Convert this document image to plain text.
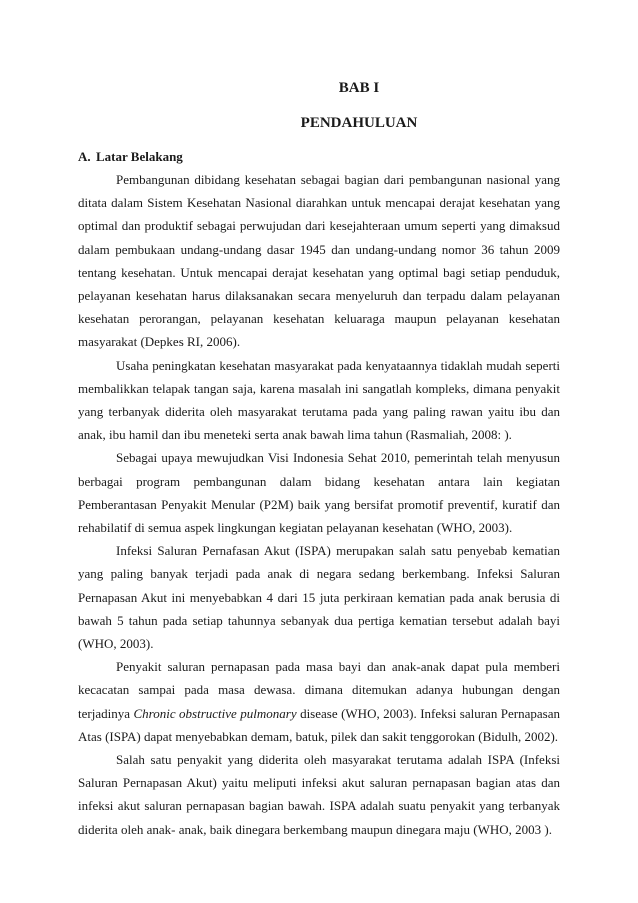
BAB I
PENDAHULUAN
A. Latar Belakang

Pembangunan dibidang kesehatan sebagai bagian dari pembangunan nasional yang ditata dalam Sistem Kesehatan Nasional diarahkan untuk mencapai derajat kesehatan yang optimal dan produktif sebagai perwujudan dari kesejahteraan umum seperti yang dimaksud dalam pembukaan undang-undang dasar 1945 dan undang-undang nomor 36 tahun 2009 tentang kesehatan. Untuk mencapai derajat kesehatan yang optimal bagi setiap penduduk, pelayanan kesehatan harus dilaksanakan secara menyeluruh dan terpadu dalam pelayanan kesehatan perorangan, pelayanan kesehatan keluaraga maupun pelayanan kesehatan masyarakat (Depkes RI, 2006).

Usaha peningkatan kesehatan masyarakat pada kenyataannya tidaklah mudah seperti membalikkan telapak tangan saja, karena masalah ini sangatlah kompleks, dimana penyakit yang terbanyak diderita oleh masyarakat terutama pada yang paling rawan yaitu ibu dan anak, ibu hamil dan ibu meneteki serta anak bawah lima tahun (Rasmaliah, 2008: ).

Sebagai upaya mewujudkan Visi Indonesia Sehat 2010, pemerintah telah menyusun berbagai program pembangunan dalam bidang kesehatan antara lain kegiatan Pemberantasan Penyakit Menular (P2M) baik yang bersifat promotif preventif, kuratif dan rehabilatif di semua aspek lingkungan kegiatan pelayanan kesehatan (WHO, 2003).

Infeksi Saluran Pernafasan Akut (ISPA) merupakan salah satu penyebab kematian yang paling banyak terjadi pada anak di negara sedang berkembang. Infeksi Saluran Pernapasan Akut ini menyebabkan 4 dari 15 juta perkiraan kematian pada anak berusia di bawah 5 tahun pada setiap tahunnya sebanyak dua pertiga kematian tersebut adalah bayi (WHO, 2003).

Penyakit saluran pernapasan pada masa bayi dan anak-anak dapat pula memberi kecacatan sampai pada masa dewasa. dimana ditemukan adanya hubungan dengan terjadinya Chronic obstructive pulmonary disease (WHO, 2003). Infeksi saluran Pernapasan Atas (ISPA) dapat menyebabkan demam, batuk, pilek dan sakit tenggorokan (Bidulh, 2002).

Salah satu penyakit yang diderita oleh masyarakat terutama adalah ISPA (Infeksi Saluran Pernapasan Akut) yaitu meliputi infeksi akut saluran pernapasan bagian atas dan infeksi akut saluran pernapasan bagian bawah. ISPA adalah suatu penyakit yang terbanyak diderita oleh anak- anak, baik dinegara berkembang maupun dinegara maju (WHO, 2003 ).
